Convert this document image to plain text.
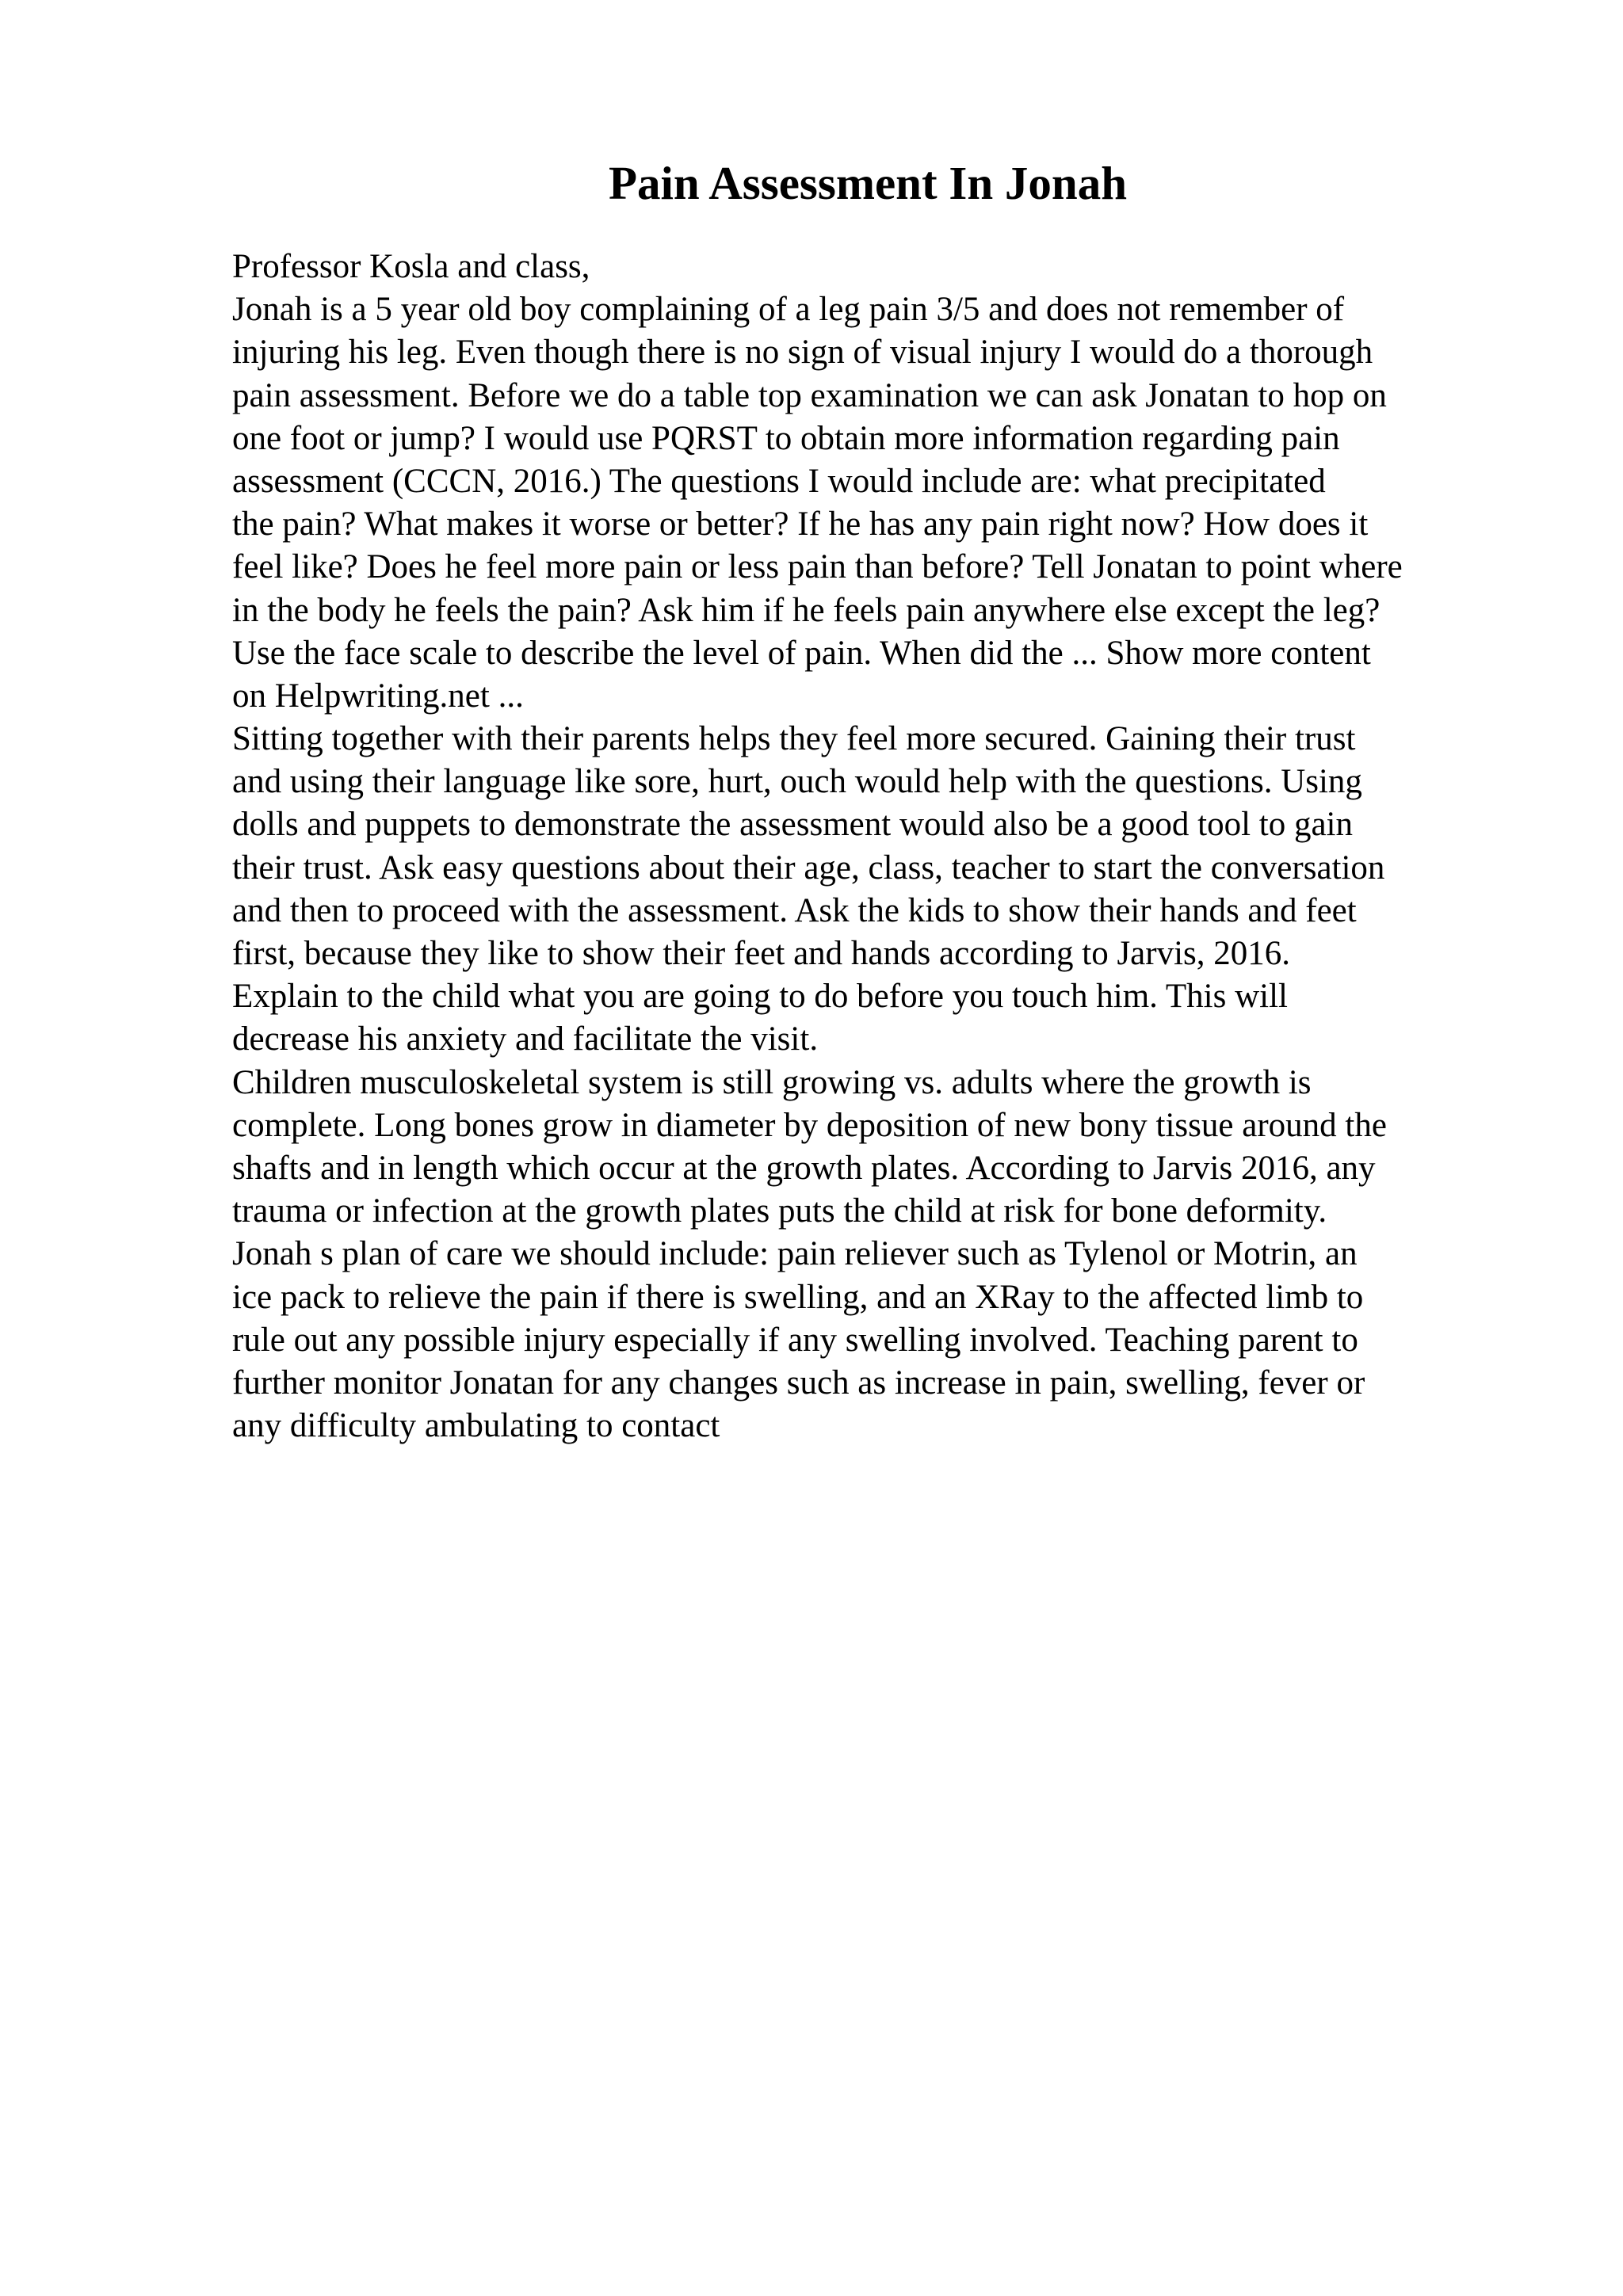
Pain Assessment In Jonah
Professor Kosla and class,
Jonah is a 5 year old boy complaining of a leg pain 3/5 and does not remember of
injuring his leg. Even though there is no sign of visual injury I would do a thorough
pain assessment. Before we do a table top examination we can ask Jonatan to hop on
one foot or jump? I would use PQRST to obtain more information regarding pain
assessment (CCCN, 2016.) The questions I would include are: what precipitated
the pain? What makes it worse or better? If he has any pain right now? How does it
feel like? Does he feel more pain or less pain than before? Tell Jonatan to point where
in the body he feels the pain? Ask him if he feels pain anywhere else except the leg?
Use the face scale to describe the level of pain. When did the ... Show more content
on Helpwriting.net ...
Sitting together with their parents helps they feel more secured. Gaining their trust
and using their language like sore, hurt, ouch would help with the questions. Using
dolls and puppets to demonstrate the assessment would also be a good tool to gain
their trust. Ask easy questions about their age, class, teacher to start the conversation
and then to proceed with the assessment. Ask the kids to show their hands and feet
first, because they like to show their feet and hands according to Jarvis, 2016.
Explain to the child what you are going to do before you touch him. This will
decrease his anxiety and facilitate the visit.
Children musculoskeletal system is still growing vs. adults where the growth is
complete. Long bones grow in diameter by deposition of new bony tissue around the
shafts and in length which occur at the growth plates. According to Jarvis 2016, any
trauma or infection at the growth plates puts the child at risk for bone deformity.
Jonah s plan of care we should include: pain reliever such as Tylenol or Motrin, an
ice pack to relieve the pain if there is swelling, and an XRay to the affected limb to
rule out any possible injury especially if any swelling involved. Teaching parent to
further monitor Jonatan for any changes such as increase in pain, swelling, fever or
any difficulty ambulating to contact
